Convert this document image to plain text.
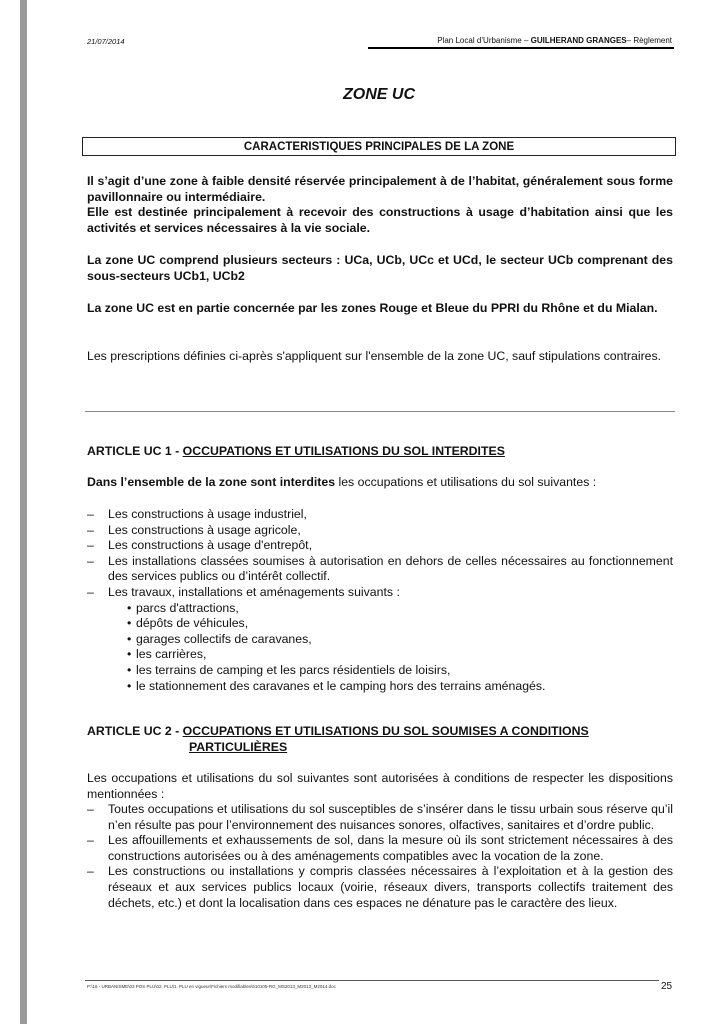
21/07/2014	Plan Local d’Urbanisme – GUILHERAND GRANGES– Règlement
ZONE UC
CARACTERISTIQUES PRINCIPALES DE LA ZONE

Il s’agit d’une zone à faible densité réservée principalement à de l’habitat, généralement sous forme pavillonnaire ou intermédiaire.

Elle est destinée principalement à recevoir des constructions à usage d’habitation ainsi que les activités et services nécessaires à la vie sociale.

La zone UC comprend plusieurs secteurs : UCa, UCb, UCc et UCd, le secteur UCb comprenant des sous-secteurs UCb1, UCb2
La zone UC est en partie concernée par les zones Rouge et Bleue du PPRI du Rhône et du Mialan.
Les prescriptions définies ci-après s'appliquent sur l'ensemble de la zone UC, sauf stipulations contraires.
ARTICLE UC 1 - OCCUPATIONS ET UTILISATIONS DU SOL INTERDITES
Dans l’ensemble de la zone sont interdites les occupations et utilisations du sol suivantes :
– Les constructions à usage industriel,
– Les constructions à usage agricole,
– Les constructions à usage d'entrepôt,
– Les installations classées soumises à autorisation en dehors de celles nécessaires au fonctionnement des services publics ou d’intérêt collectif.
– Les travaux, installations et aménagements suivants :
• parcs d'attractions,
• dépôts de véhicules,
• garages collectifs de caravanes,
• les carrières,
• les terrains de camping et les parcs résidentiels de loisirs,
• le stationnement des caravanes et le camping hors des terrains aménagés.
ARTICLE UC 2 - OCCUPATIONS ET UTILISATIONS DU SOL SOUMISES A CONDITIONS
PARTICULIÈRES
Les occupations et utilisations du sol suivantes sont autorisées à conditions de respecter les dispositions mentionnées :
– Toutes occupations et utilisations du sol susceptibles de s’insérer dans le tissu urbain sous réserve qu’il n’en résulte pas pour l’environnement des nuisances sonores, olfactives, sanitaires et d’ordre public.
– Les affouillements et exhaussements de sol, dans la mesure où ils sont strictement nécessaires à des constructions autorisées ou à des aménagements compatibles avec la vocation de la zone.
– Les constructions ou installations y compris classées nécessaires à l’exploitation et à la gestion des réseaux et aux services publics locaux (voirie, réseaux divers, transports collectifs traitement des déchets, etc.) et dont la localisation dans ces espaces ne dénature pas le caractère des lieux.
P:\16 - URBANISME\03 POS PLU\02. PLU\1. PLU en vigueur\Fichiers modifiables\510105-RG_MS2013_M2013_M2014.doc	25
